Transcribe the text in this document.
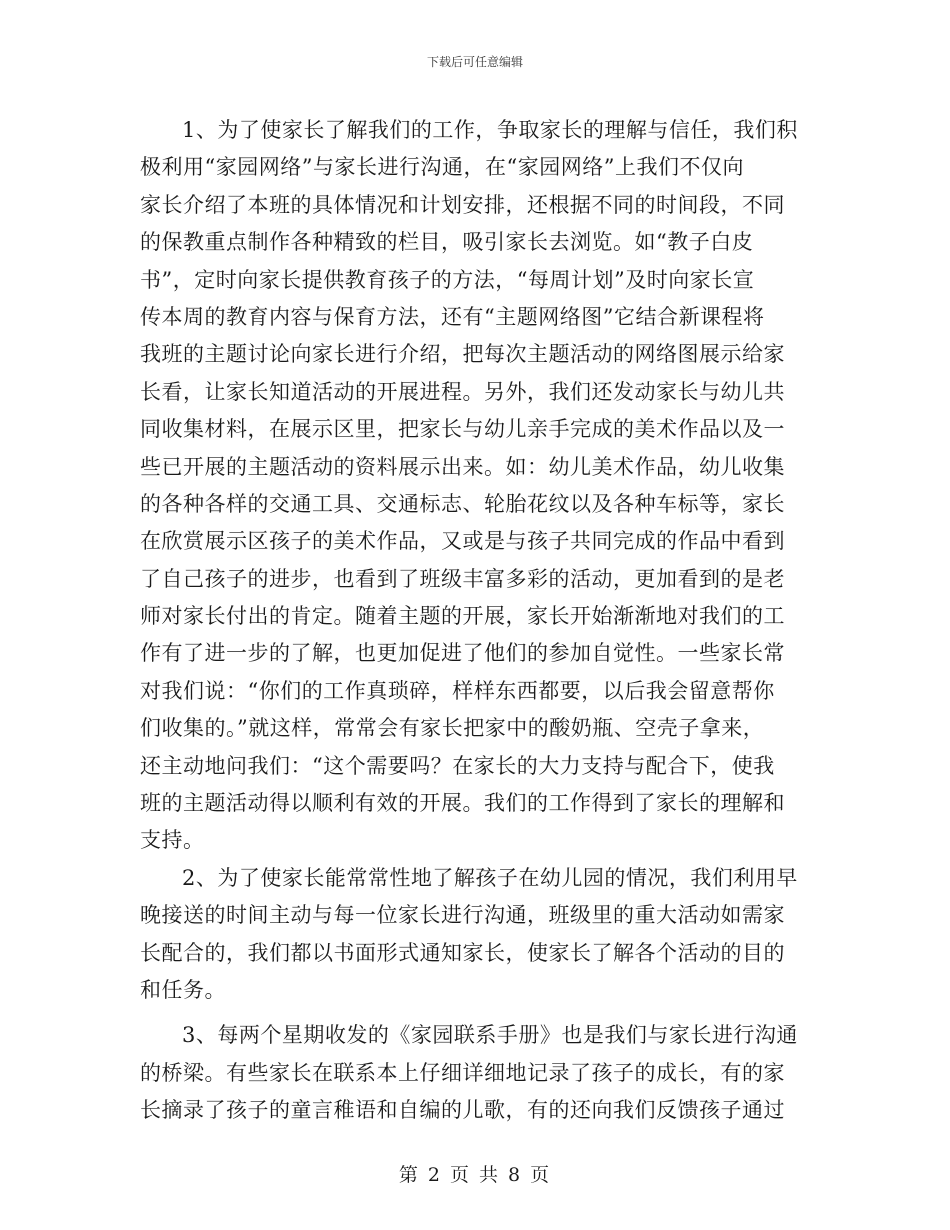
下载后可任意编辑
1、为了使家长了解我们的工作，争取家长的理解与信任，我们积
极利用“家园网络”与家长进行沟通，在“家园网络”上我们不仅向
家长介绍了本班的具体情况和计划安排，还根据不同的时间段，不同
的保教重点制作各种精致的栏目，吸引家长去浏览。如“教子白皮
书”，定时向家长提供教育孩子的方法，“每周计划”及时向家长宣
传本周的教育内容与保育方法，还有“主题网络图”它结合新课程将
我班的主题讨论向家长进行介绍，把每次主题活动的网络图展示给家
长看，让家长知道活动的开展进程。另外，我们还发动家长与幼儿共
同收集材料，在展示区里，把家长与幼儿亲手完成的美术作品以及一
些已开展的主题活动的资料展示出来。如：幼儿美术作品，幼儿收集
的各种各样的交通工具、交通标志、轮胎花纹以及各种车标等，家长
在欣赏展示区孩子的美术作品，又或是与孩子共同完成的作品中看到
了自己孩子的进步，也看到了班级丰富多彩的活动，更加看到的是老
师对家长付出的肯定。随着主题的开展，家长开始渐渐地对我们的工
作有了进一步的了解，也更加促进了他们的参加自觉性。一些家长常
对我们说：“你们的工作真琐碎，样样东西都要，以后我会留意帮你
们收集的。”就这样，常常会有家长把家中的酸奶瓶、空壳子拿来，
还主动地问我们：“这个需要吗？在家长的大力支持与配合下，使我
班的主题活动得以顺利有效的开展。我们的工作得到了家长的理解和
支持。
2、为了使家长能常常性地了解孩子在幼儿园的情况，我们利用早
晚接送的时间主动与每一位家长进行沟通，班级里的重大活动如需家
长配合的，我们都以书面形式通知家长，使家长了解各个活动的目的
和任务。
3、每两个星期收发的《家园联系手册》也是我们与家长进行沟通
的桥梁。有些家长在联系本上仔细详细地记录了孩子的成长，有的家
长摘录了孩子的童言稚语和自编的儿歌，有的还向我们反馈孩子通过
第 2 页 共 8 页
